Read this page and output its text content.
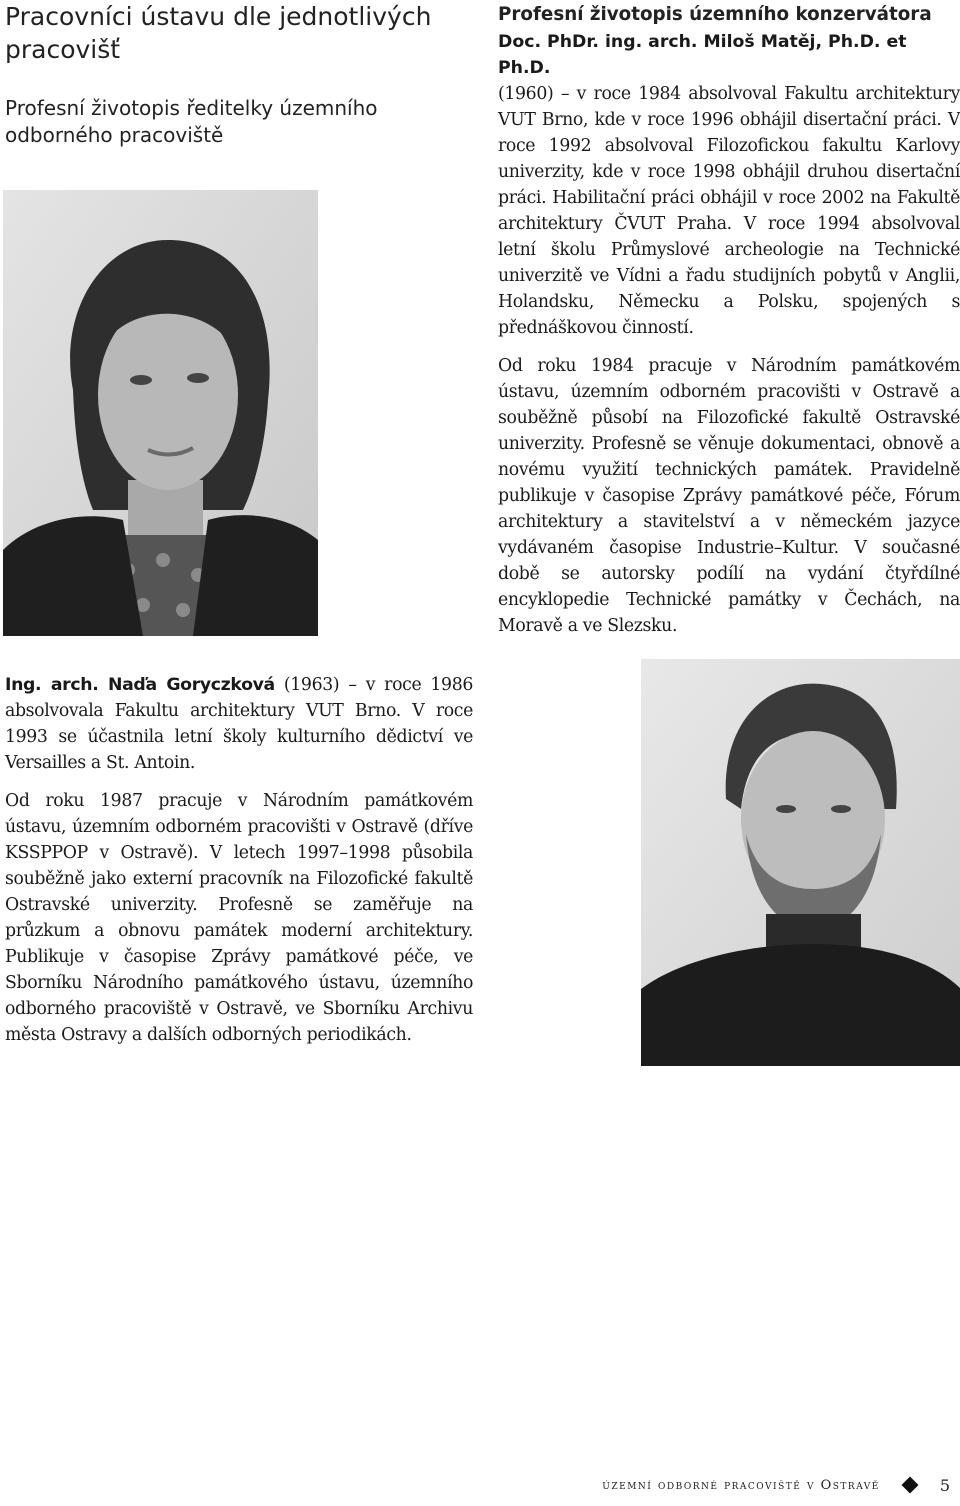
Pracovníci ústavu dle jednotlivých pracovišť
Profesní životopis ředitelky územního odborného pracoviště

Profesní životopis územního konzervátora

Doc. PhDr. ing. arch. Miloš Matěj, Ph.D. et Ph.D.

(1960) – v roce 1984 absolvoval Fakultu architektury VUT Brno, kde v roce 1996 obhájil disertační práci. V roce 1992 absolvoval Filozofickou fakultu Karlovy univerzity, kde v roce 1998 obhájil druhou disertační práci. Habilitační práci obhájil v roce 2002 na Fakultě architektury ČVUT Praha. V roce 1994 absolvoval letní školu Průmyslové archeologie na Technické univerzitě ve Vídni a řadu studijních pobytů v Anglii, Holandsku, Německu a Polsku, spojených s přednáškovou činností.

Od roku 1984 pracuje v Národním památkovém ústavu, územním odborném pracovišti v Ostravě a souběžně působí na Filozofické fakultě Ostravské univerzity. Profesně se věnuje dokumentaci, obnově a novému využití technických památek. Pravidelně publikuje v časopise Zprávy památkové péče, Fórum architektury a stavitelství a v německém jazyce vydávaném časopise Industrie–Kultur. V současné době se autorsky podílí na vydání čtyřdílné encyklopedie Technické památky v Čechách, na Moravě a ve Slezsku.

Ing. arch. Naďa Goryczková (1963) – v roce 1986 absolvovala Fakultu architektury VUT Brno. V roce 1993 se účastnila letní školy kulturního dědictví ve Versailles a St. Antoin.

Od roku 1987 pracuje v Národním památkovém ústavu, územním odborném pracovišti v Ostravě (dříve KSSPPOP v Ostravě). V letech 1997–1998 působila souběžně jako externí pracovník na Filozofické fakultě Ostravské univerzity. Profesně se zaměřuje na průzkum a obnovu památek moderní architektury. Publikuje v časopise Zprávy památkové péče, ve Sborníku Národního památkového ústavu, územního odborného pracoviště v Ostravě, ve Sborníku Archivu města Ostravy a dalších odborných periodikách.

územní odborné pracoviště v Ostravě	5
